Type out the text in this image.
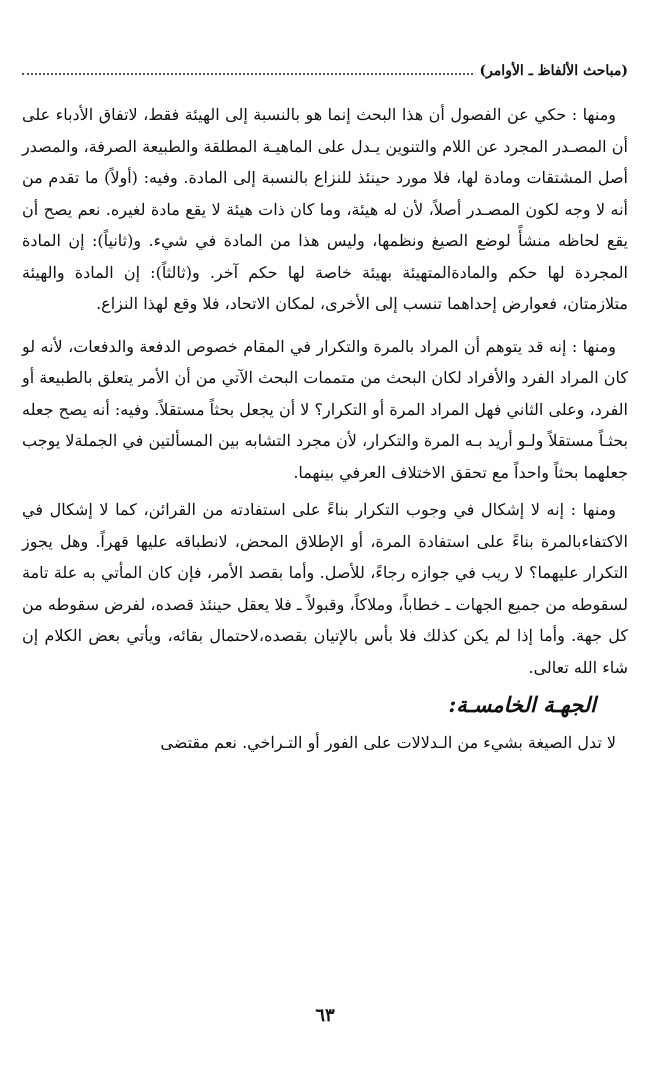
(مباحث الألفاظ ـ الأوامر)

ومنها : حكي عن الفصول أن هذا البحث إنما هو بالنسبة إلى الهيئة فقط، لاتفاق الأدباء على أن المصـدر المجرد عن اللام والتنوين يـدل على الماهيـة المطلقة والطبيعة الصرفة، والمصدر أصل المشتقات ومادة لها، فلا مورد حينئذ للنزاع بالنسبة إلى المادة. وفيه: (أولاً) ما تقدم من أنه لا وجه لكون المصـدر أصلاً، لأن له هيئة، وما كان ذات هيئة لا يقع مادة لغيره. نعم يصح أن يقع لحاظه منشأً لوضع الصيغ ونظمها، وليس هذا من المادة في شيء. و(ثانياً): إن المادة المجردة لها حكم والمادةالمتهيئة بهيئة خاصة لها حكم آخر. و(ثالثاً): إن المادة والهيئة متلازمتان، فعوارض إحداهما تنسب إلى الأخرى، لمكان الاتحاد، فلا وقع لهذا النزاع.

ومنها : إنه قد يتوهم أن المراد بالمرة والتكرار في المقام خصوص الدفعة والدفعات، لأنه لو كان المراد الفرد والأفراد لكان البحث من متممات البحث الآتي من أن الأمر يتعلق بالطبيعة أو الفرد، وعلى الثاني فهل المراد المرة أو التكرار؟ لا أن يجعل بحثاً مستقلاً. وفيه: أنه يصح جعله بحثـاً مستقلاً ولـو أريد بـه المرة والتكرار، لأن مجرد التشابه بين المسألتين في الجملةلا يوجب جعلهما بحثاً واحداً مع تحقق الاختلاف العرفي بينهما.

ومنها : إنه لا إشكال في وجوب التكرار بناءً على استفادته من القرائن، كما لا إشكال في الاكتفاءبالمرة بناءً على استفادة المرة، أو الإطلاق المحض، لانطباقه عليها قهراً. وهل يجوز التكرار عليهما؟ لا ريب في جوازه رجاءً، للأصل. وأما بقصد الأمر، فإن كان المأتي به علة تامة لسقوطه من جميع الجهات ـ خطاباً، وملاكاً، وقبولاً ـ فلا يعقل حينئذ قصده، لفرض سقوطه من كل جهة. وأما إذا لم يكن كذلك فلا بأس بالإتيان بقصده،لاحتمال بقائه، ويأتي بعض الكلام إن شاء الله تعالى.

الجهـة الخامسـة:

لا تدل الصيغة بشيء من الـدلالات على الفور أو التـراخي. نعم مقتضى

٦٣
